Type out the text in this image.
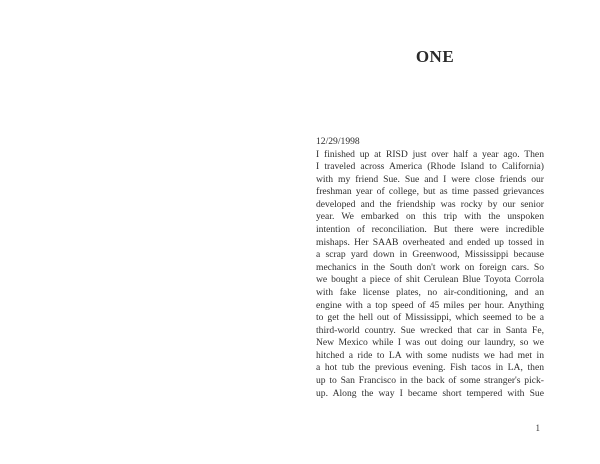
ONE
12/29/1998
I finished up at RISD just over half a year ago. Then
I traveled across America (Rhode Island to California)
with my friend Sue. Sue and I were close friends our
freshman year of college, but as time passed grievances
developed and the friendship was rocky by our senior
year. We embarked on this trip with the unspoken
intention of reconciliation. But there were incredible
mishaps. Her SAAB overheated and ended up tossed in
a scrap yard down in Greenwood, Mississippi because
mechanics in the South don't work on foreign cars. So
we bought a piece of shit Cerulean Blue Toyota Corrola
with fake license plates, no air-conditioning, and an
engine with a top speed of 45 miles per hour. Anything
to get the hell out of Mississippi, which seemed to be a
third-world country. Sue wrecked that car in Santa Fe,
New Mexico while I was out doing our laundry, so we
hitched a ride to LA with some nudists we had met in
a hot tub the previous evening. Fish tacos in LA, then
up to San Francisco in the back of some stranger's pick-
up. Along the way I became short tempered with Sue
1
